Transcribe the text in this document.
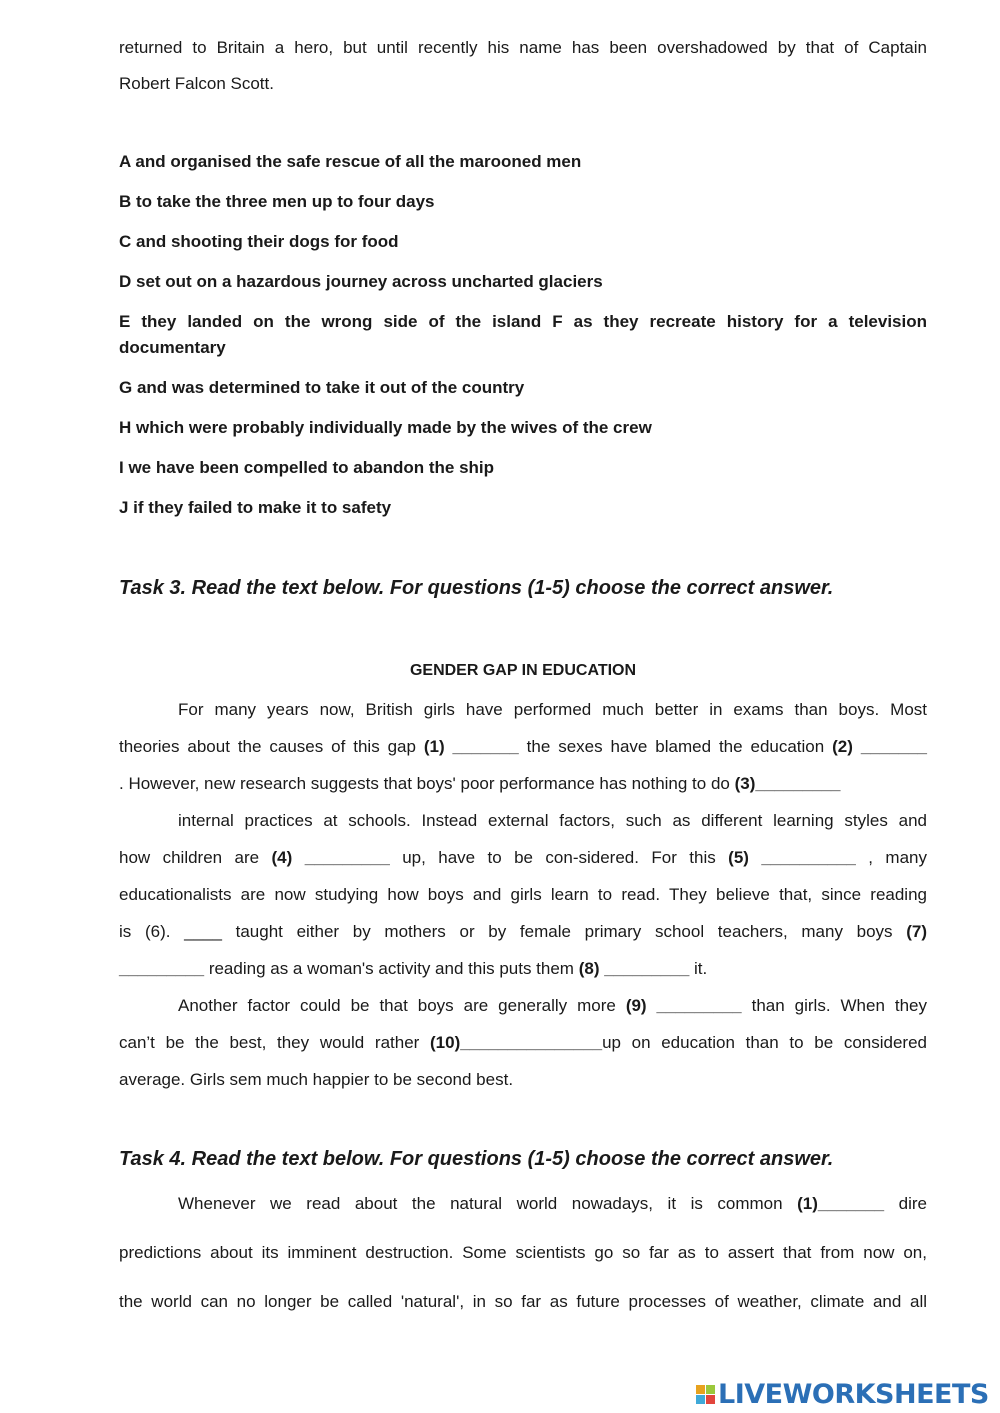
returned to Britain a hero, but until recently his name has been overshadowed by that of Captain
Robert Falcon Scott.
A and organised the safe rescue of all the marooned men
B to take the three men up to four days
C and shooting their dogs for food
D set out on a hazardous journey across uncharted glaciers
E they landed on the wrong side of the island F as they recreate history for a television documentary
G and was determined to take it out of the country
H which were probably individually made by the wives of the crew
I we have been compelled to abandon the ship
J if they failed to make it to safety
Task 3. Read the text below. For questions (1-5) choose the correct answer.
GENDER GAP IN EDUCATION
For many years now, British girls have performed much better in exams than boys. Most
theories about the causes of this gap (1) _______ the sexes have blamed the education (2) _______
. However, new research suggests that boys' poor performance has nothing to do (3)_________
internal practices at schools. Instead external factors, such as different learning styles and
how children are (4) _________ up, have to be con-sidered. For this (5) __________ , many
educationalists are now studying how boys and girls learn to read. They believe that, since reading
is (6). ____ taught either by mothers or by female primary school teachers, many boys (7)
_________ reading as a woman's activity and this puts them (8) _________ it.
Another factor could be that boys are generally more (9) _________ than girls. When they
can’t be the best, they would rather (10)_______________up on education than to be considered
average. Girls sem much happier to be second best.
Task 4. Read the text below. For questions (1-5) choose the correct answer.
Whenever we read about the natural world nowadays, it is common (1)_______ dire
predictions about its imminent destruction. Some scientists go so far as to assert that from now on,
the world can no longer be called 'natural', in so far as future processes of weather, climate and all
LIVEWORKSHEETS
